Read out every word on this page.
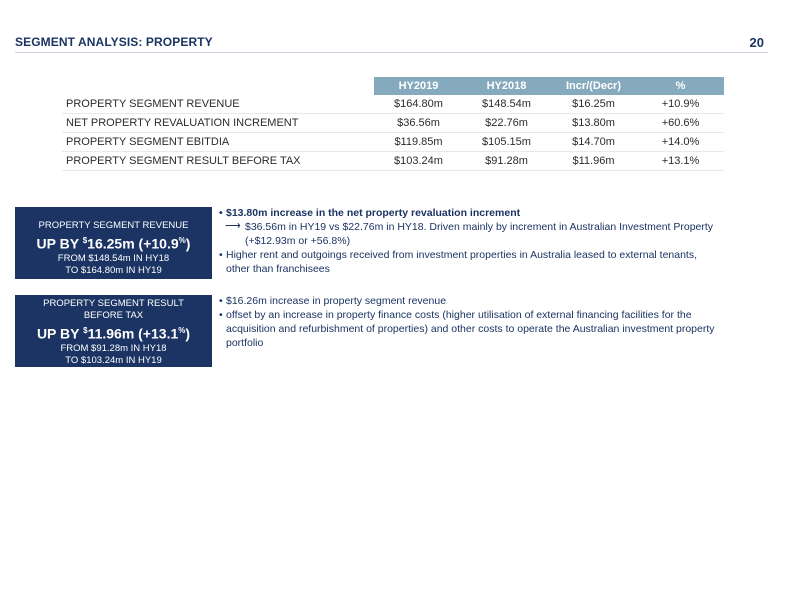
SEGMENT ANALYSIS: PROPERTY	20
	HY2019	HY2018	Incr/(Decr)	%
PROPERTY SEGMENT REVENUE	$164.80m	$148.54m	$16.25m	+10.9%
NET PROPERTY REVALUATION INCREMENT	$36.56m	$22.76m	$13.80m	+60.6%
PROPERTY SEGMENT EBITDIA	$119.85m	$105.15m	$14.70m	+14.0%
PROPERTY SEGMENT RESULT BEFORE TAX	$103.24m	$91.28m	$11.96m	+13.1%
PROPERTY SEGMENT REVENUE
UP BY $16.25m (+10.9%)
FROM $148.54m IN HY18
TO $164.80m IN HY19
PROPERTY SEGMENT RESULT
BEFORE TAX
UP BY $11.96m (+13.1%)
FROM $91.28m IN HY18
TO $103.24m IN HY19
• $13.80m increase in the net property revaluation increment
⟶ $36.56m in HY19 vs $22.76m in HY18. Driven mainly by increment in Australian Investment Property
(+$12.93m or +56.8%)
• Higher rent and outgoings received from investment properties in Australia leased to external tenants,
other than franchisees
• $16.26m increase in property segment revenue
• offset by an increase in property finance costs (higher utilisation of external financing facilities for the
acquisition and refurbishment of properties) and other costs to operate the Australian investment property
portfolio
